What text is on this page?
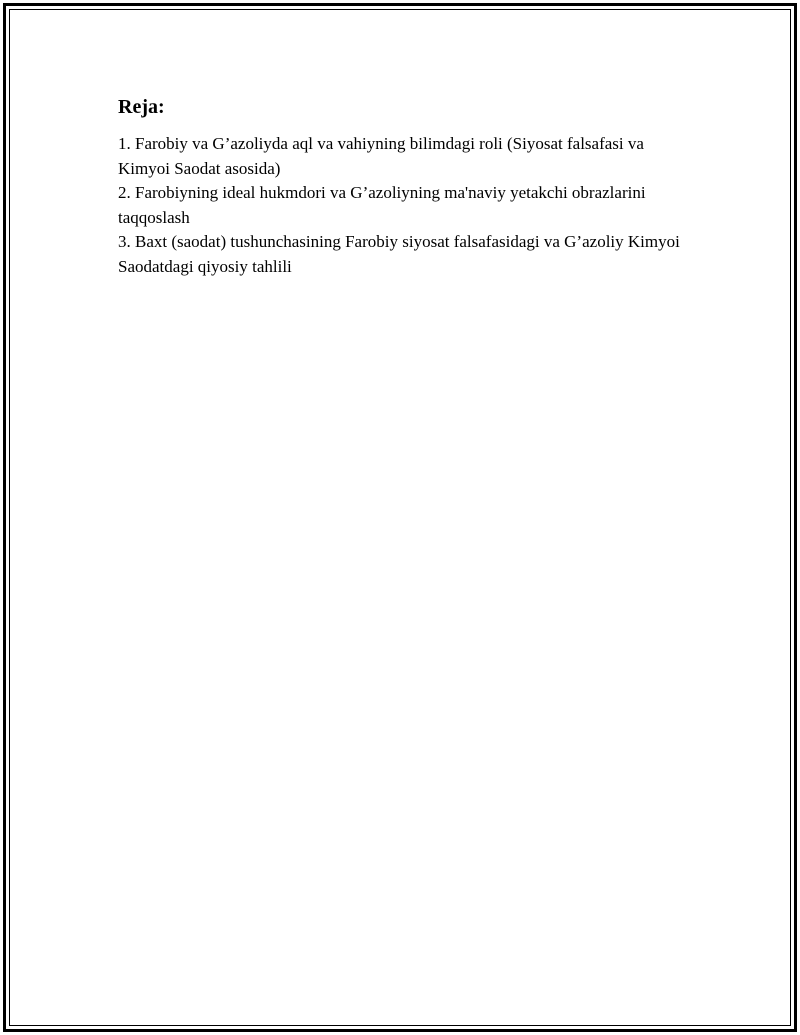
Reja:
1. Farobiy va G’azoliyda aql va vahiyning bilimdagi roli (Siyosat falsafasi va Kimyoi Saodat asosida)
2. Farobiyning ideal hukmdori va G’azoliyning ma'naviy yetakchi obrazlarini taqqoslash
3. Baxt (saodat) tushunchasining Farobiy siyosat falsafasidagi va G’azoliy Kimyoi Saodatdagi qiyosiy tahlili
